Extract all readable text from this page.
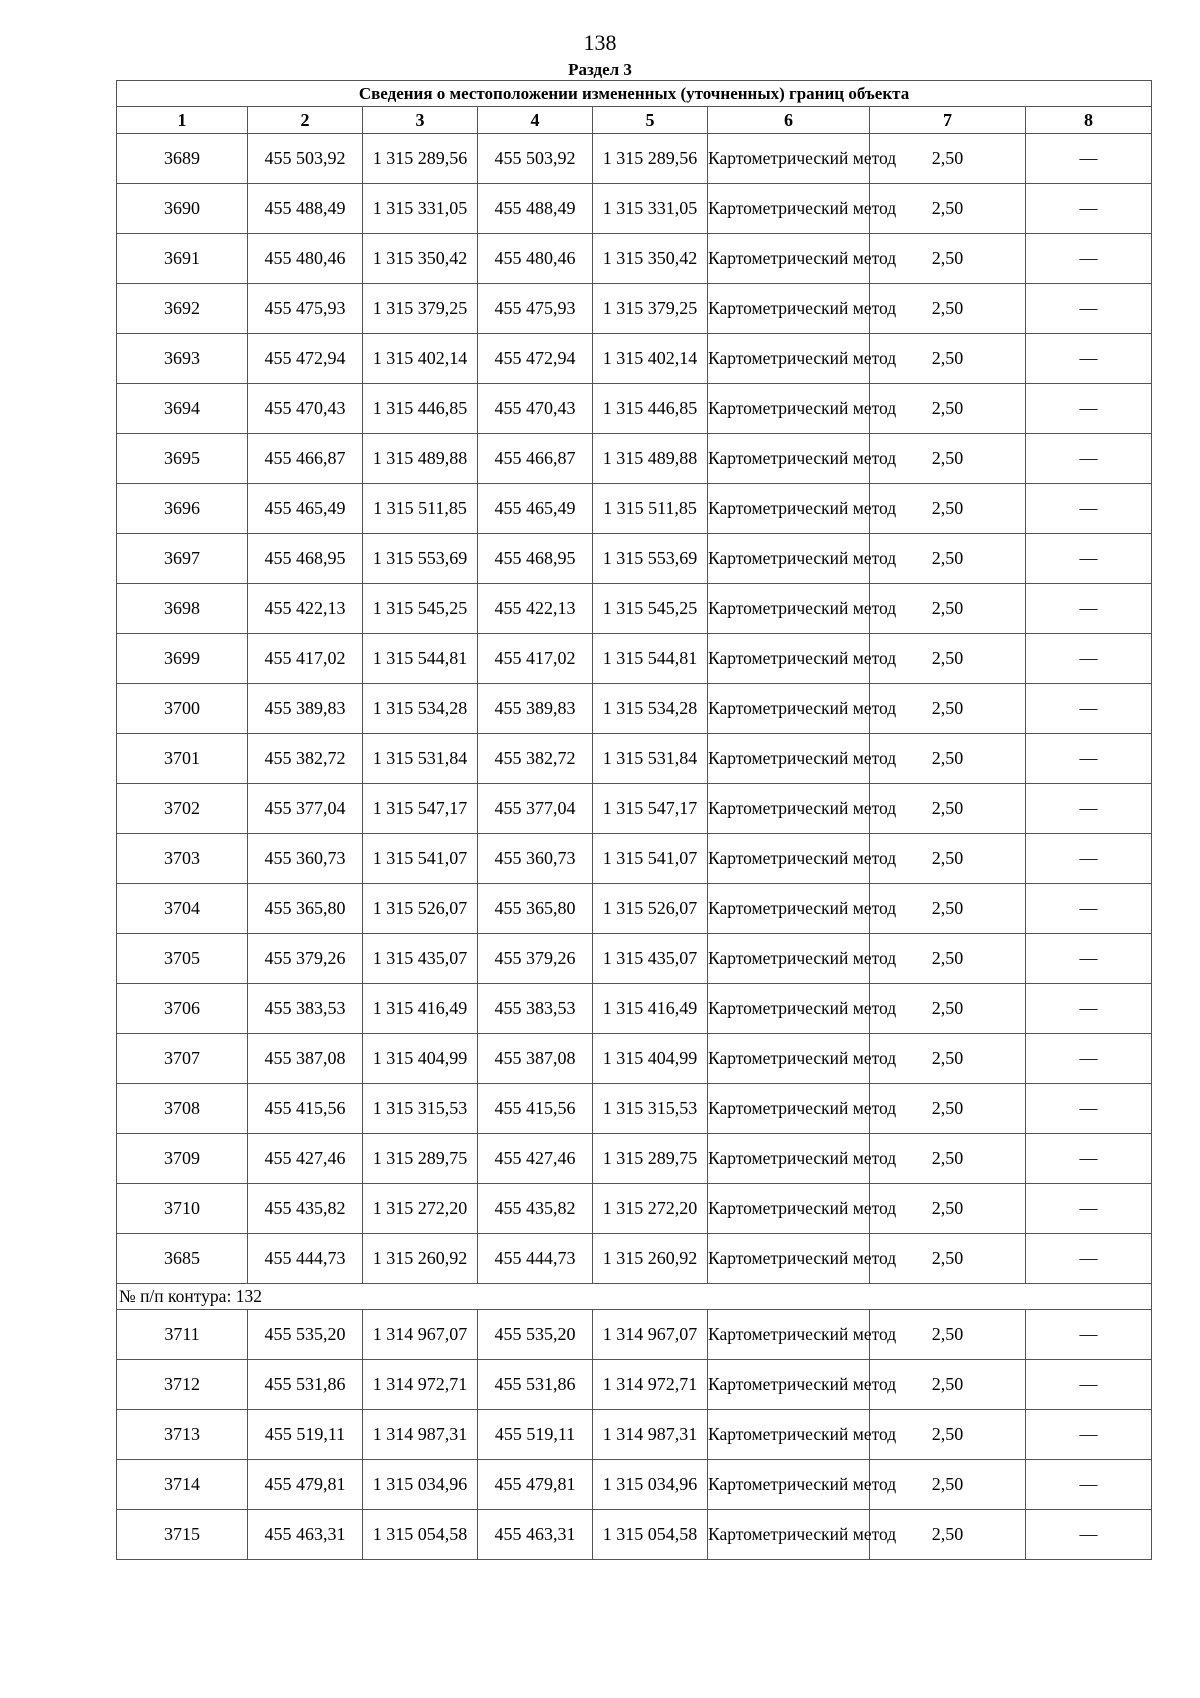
138
Раздел 3
Сведения о местоположении измененных (уточненных) границ объекта							
1	2	3	4	5	6	7	8
3689	455 503,92	1 315 289,56	455 503,92	1 315 289,56	Картометрический метод	2,50	—
3690	455 488,49	1 315 331,05	455 488,49	1 315 331,05	Картометрический метод	2,50	—
3691	455 480,46	1 315 350,42	455 480,46	1 315 350,42	Картометрический метод	2,50	—
3692	455 475,93	1 315 379,25	455 475,93	1 315 379,25	Картометрический метод	2,50	—
3693	455 472,94	1 315 402,14	455 472,94	1 315 402,14	Картометрический метод	2,50	—
3694	455 470,43	1 315 446,85	455 470,43	1 315 446,85	Картометрический метод	2,50	—
3695	455 466,87	1 315 489,88	455 466,87	1 315 489,88	Картометрический метод	2,50	—
3696	455 465,49	1 315 511,85	455 465,49	1 315 511,85	Картометрический метод	2,50	—
3697	455 468,95	1 315 553,69	455 468,95	1 315 553,69	Картометрический метод	2,50	—
3698	455 422,13	1 315 545,25	455 422,13	1 315 545,25	Картометрический метод	2,50	—
3699	455 417,02	1 315 544,81	455 417,02	1 315 544,81	Картометрический метод	2,50	—
3700	455 389,83	1 315 534,28	455 389,83	1 315 534,28	Картометрический метод	2,50	—
3701	455 382,72	1 315 531,84	455 382,72	1 315 531,84	Картометрический метод	2,50	—
3702	455 377,04	1 315 547,17	455 377,04	1 315 547,17	Картометрический метод	2,50	—
3703	455 360,73	1 315 541,07	455 360,73	1 315 541,07	Картометрический метод	2,50	—
3704	455 365,80	1 315 526,07	455 365,80	1 315 526,07	Картометрический метод	2,50	—
3705	455 379,26	1 315 435,07	455 379,26	1 315 435,07	Картометрический метод	2,50	—
3706	455 383,53	1 315 416,49	455 383,53	1 315 416,49	Картометрический метод	2,50	—
3707	455 387,08	1 315 404,99	455 387,08	1 315 404,99	Картометрический метод	2,50	—
3708	455 415,56	1 315 315,53	455 415,56	1 315 315,53	Картометрический метод	2,50	—
3709	455 427,46	1 315 289,75	455 427,46	1 315 289,75	Картометрический метод	2,50	—
3710	455 435,82	1 315 272,20	455 435,82	1 315 272,20	Картометрический метод	2,50	—
3685	455 444,73	1 315 260,92	455 444,73	1 315 260,92	Картометрический метод	2,50	—
№ п/п контура: 132							
3711	455 535,20	1 314 967,07	455 535,20	1 314 967,07	Картометрический метод	2,50	—
3712	455 531,86	1 314 972,71	455 531,86	1 314 972,71	Картометрический метод	2,50	—
3713	455 519,11	1 314 987,31	455 519,11	1 314 987,31	Картометрический метод	2,50	—
3714	455 479,81	1 315 034,96	455 479,81	1 315 034,96	Картометрический метод	2,50	—
3715	455 463,31	1 315 054,58	455 463,31	1 315 054,58	Картометрический метод	2,50	—
